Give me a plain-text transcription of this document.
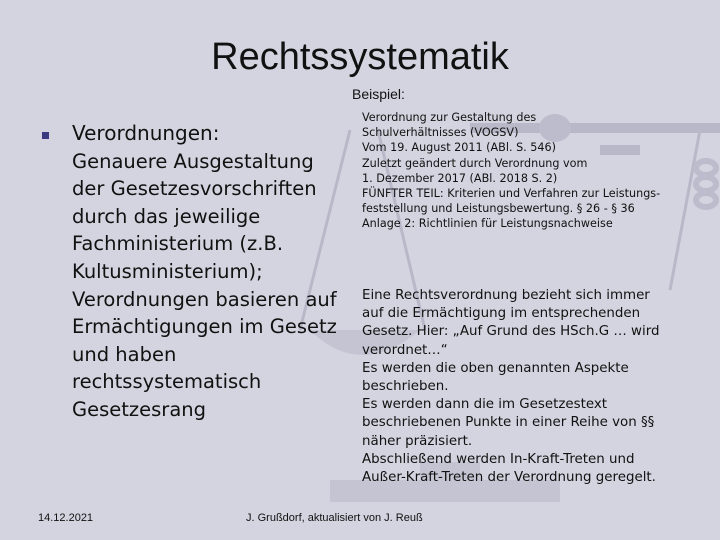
Rechtssystematik
Beispiel:
Verordnungen:
Genauere Ausgestaltung der Gesetzesvorschriften durch das jeweilige Fachministerium (z.B. Kultusministerium); Verordnungen basieren auf Ermächtigungen im Gesetz und haben rechtssystematisch Gesetzesrang
Verordnung zur Gestaltung des
Schulverhältnisses (VOGSV)
Vom 19. August 2011 (ABl. S. 546)
Zuletzt geändert durch Verordnung vom
1. Dezember 2017 (ABl. 2018 S. 2)
FÜNFTER TEIL: Kriterien und Verfahren zur Leistungs-
feststellung und Leistungsbewertung. § 26 - § 36
Anlage 2: Richtlinien für Leistungsnachweise
Eine Rechtsverordnung bezieht sich immer
auf die Ermächtigung im entsprechenden
Gesetz. Hier: „Auf Grund des HSch.G … wird
verordnet…“
Es werden die oben genannten Aspekte
beschrieben.
Es werden dann die im Gesetzestext
beschriebenen Punkte in einer Reihe von §§
näher präzisiert.
Abschließend werden In-Kraft-Treten und
Außer-Kraft-Treten der Verordnung geregelt.
14.12.2021	J. Grußdorf, aktualisiert von J. Reuß
